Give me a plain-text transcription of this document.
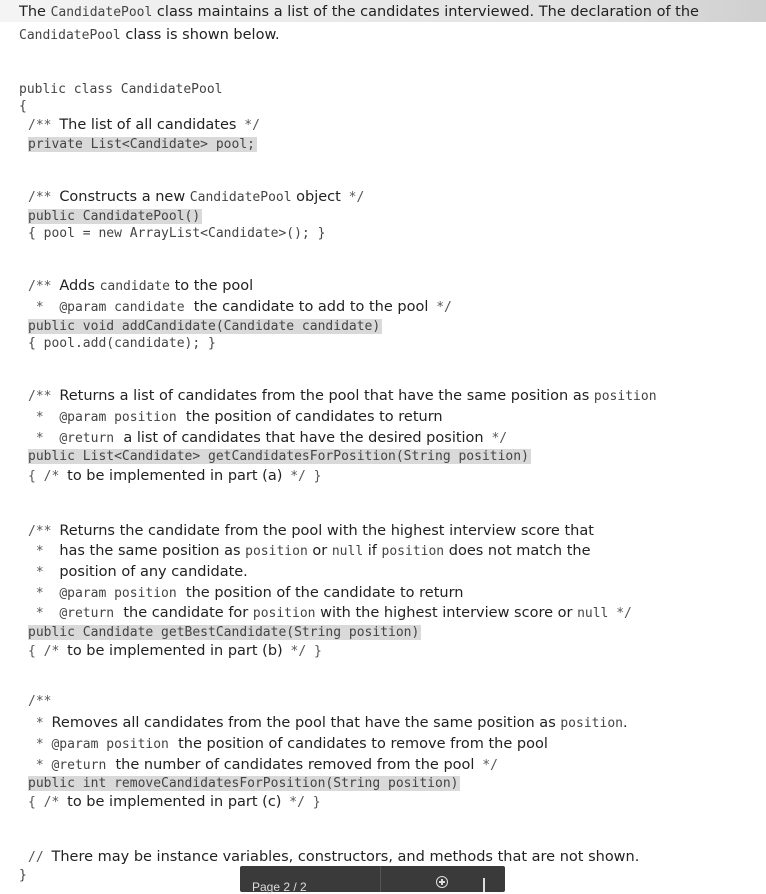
The CandidatePool class maintains a list of the candidates interviewed. The declaration of the CandidatePool class is shown below.
public class CandidatePool
{
/** The list of all candidates */
private List<Candidate> pool;
/** Constructs a new CandidatePool object */
public CandidatePool()
{ pool = new ArrayList<Candidate>(); }
/** Adds candidate to the pool
*  @param candidate  the candidate to add to the pool */
public void addCandidate(Candidate candidate)
{ pool.add(candidate); }
/** Returns a list of candidates from the pool that have the same position as position
*  @param position  the position of candidates to return
*  @return  a list of candidates that have the desired position */
public List<Candidate> getCandidatesForPosition(String position)
{ /* to be implemented in part (a) */ }
/** Returns the candidate from the pool with the highest interview score that
*  has the same position as position or null if position does not match the
*  position of any candidate.
*  @param position  the position of the candidate to return
*  @return  the candidate for position with the highest interview score or null */
public Candidate getBestCandidate(String position)
{ /* to be implemented in part (b) */ }
/**
* Removes all candidates from the pool that have the same position as position.
* @param position  the position of candidates to remove from the pool
* @return  the number of candidates removed from the pool */
public int removeCandidatesForPosition(String position)
{ /* to be implemented in part (c) */ }
// There may be instance variables, constructors, and methods that are not shown.
}
Page 2 / 2
